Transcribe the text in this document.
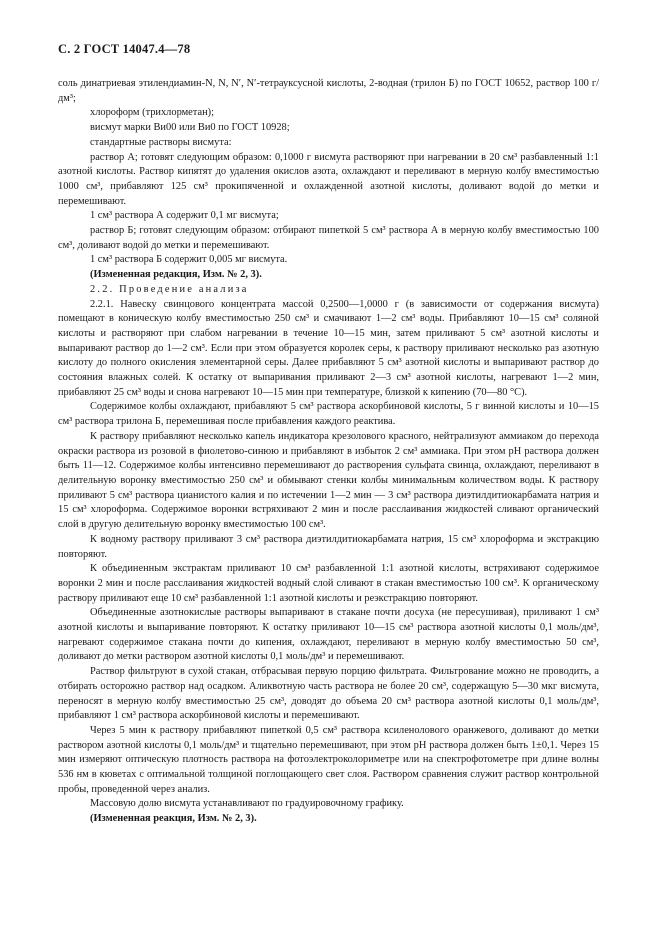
С. 2 ГОСТ 14047.4—78

соль динатриевая этилендиамин-N, N, N′, N′-тетрауксусной кислоты, 2-водная (трилон Б) по ГОСТ 10652, раствор 100 г/дм³;

хлороформ (трихлорметан);

висмут марки Ви00 или Ви0 по ГОСТ 10928;

стандартные растворы висмута:

раствор А; готовят следующим образом: 0,1000 г висмута растворяют при нагревании в 20 см³ разбавленный 1:1 азотной кислоты. Раствор кипятят до удаления окислов азота, охлаждают и переливают в мерную колбу вместимостью 1000 см³, прибавляют 125 см³ прокипяченной и охлажденной азотной кислоты, доливают водой до метки и перемешивают.

1 см³ раствора А содержит 0,1 мг висмута;

раствор Б; готовят следующим образом: отбирают пипеткой 5 см³ раствора А в мерную колбу вместимостью 100 см³, доливают водой до метки и перемешивают.

1 см³ раствора Б содержит 0,005 мг висмута.

(Измененная редакция, Изм. № 2, 3).

2.2. Проведение анализа

2.2.1. Навеску свинцового концентрата массой 0,2500—1,0000 г (в зависимости от содержания висмута) помещают в коническую колбу вместимостью 250 см³ и смачивают 1—2 см³ воды. Прибавляют 10—15 см³ соляной кислоты и растворяют при слабом нагревании в течение 10—15 мин, затем приливают 5 см³ азотной кислоты и выпаривают раствор до 1—2 см³. Если при этом образуется королек серы, к раствору приливают несколько раз азотную кислоту до полного окисления элементарной серы. Далее прибавляют 5 см³ азотной кислоты и выпаривают раствор до состояния влажных солей. К остатку от выпаривания приливают 2—3 см³ азотной кислоты, нагревают 1—2 мин, прибавляют 25 см³ воды и снова нагревают 10—15 мин при температуре, близкой к кипению (70—80 °С).

Содержимое колбы охлаждают, прибавляют 5 см³ раствора аскорбиновой кислоты, 5 г винной кислоты и 10—15 см³ раствора трилона Б, перемешивая после прибавления каждого реактива.

К раствору прибавляют несколько капель индикатора крезолового красного, нейтрализуют аммиаком до перехода окраски раствора из розовой в фиолетово-синюю и прибавляют в избыток 2 см³ аммиака. При этом рН раствора должен быть 11—12. Содержимое колбы интенсивно перемешивают до растворения сульфата свинца, охлаждают, переливают в делительную воронку вместимостью 250 см³ и обмывают стенки колбы минимальным количеством воды. К раствору приливают 5 см³ раствора цианистого калия и по истечении 1—2 мин — 3 см³ раствора диэтилдитиокарбамата натрия и 15 см³ хлороформа. Содержимое воронки встряхивают 2 мин и после расслаивания жидкостей сливают органический слой в другую делительную воронку вместимостью 100 см³.

К водному раствору приливают 3 см³ раствора диэтилдитиокарбамата натрия, 15 см³ хлороформа и экстракцию повторяют.

К объединенным экстрактам приливают 10 см³ разбавленной 1:1 азотной кислоты, встряхивают содержимое воронки 2 мин и после расслаивания жидкостей водный слой сливают в стакан вместимостью 100 см³. К органическому раствору приливают еще 10 см³ разбавленной 1:1 азотной кислоты и реэкстракцию повторяют.

Объединенные азотнокислые растворы выпаривают в стакане почти досуха (не пересушивая), приливают 1 см³ азотной кислоты и выпаривание повторяют. К остатку приливают 10—15 см³ раствора азотной кислоты 0,1 моль/дм³, нагревают содержимое стакана почти до кипения, охлаждают, переливают в мерную колбу вместимостью 50 см³, доливают до метки раствором азотной кислоты 0,1 моль/дм³ и перемешивают.

Раствор фильтруют в сухой стакан, отбрасывая первую порцию фильтрата. Фильтрование можно не проводить, а отбирать осторожно раствор над осадком. Аликвотную часть раствора не более 20 см³, содержащую 5—30 мкг висмута, переносят в мерную колбу вместимостью 25 см³, доводят до объема 20 см³ раствора азотной кислоты 0,1 моль/дм³, прибавляют 1 см³ раствора аскорбиновой кислоты и перемешивают.

Через 5 мин к раствору прибавляют пипеткой 0,5 см³ раствора ксиленолового оранжевого, доливают до метки раствором азотной кислоты 0,1 моль/дм³ и тщательно перемешивают, при этом рН раствора должен быть 1±0,1. Через 15 мин измеряют оптическую плотность раствора на фотоэлектроколориметре или на спектрофотометре при длине волны 536 нм в кюветах с оптимальной толщиной поглощающего свет слоя. Раствором сравнения служит раствор контрольной пробы, проведенной через анализ.

Массовую долю висмута устанавливают по градуировочному графику.

(Измененная реакция, Изм. № 2, 3).
